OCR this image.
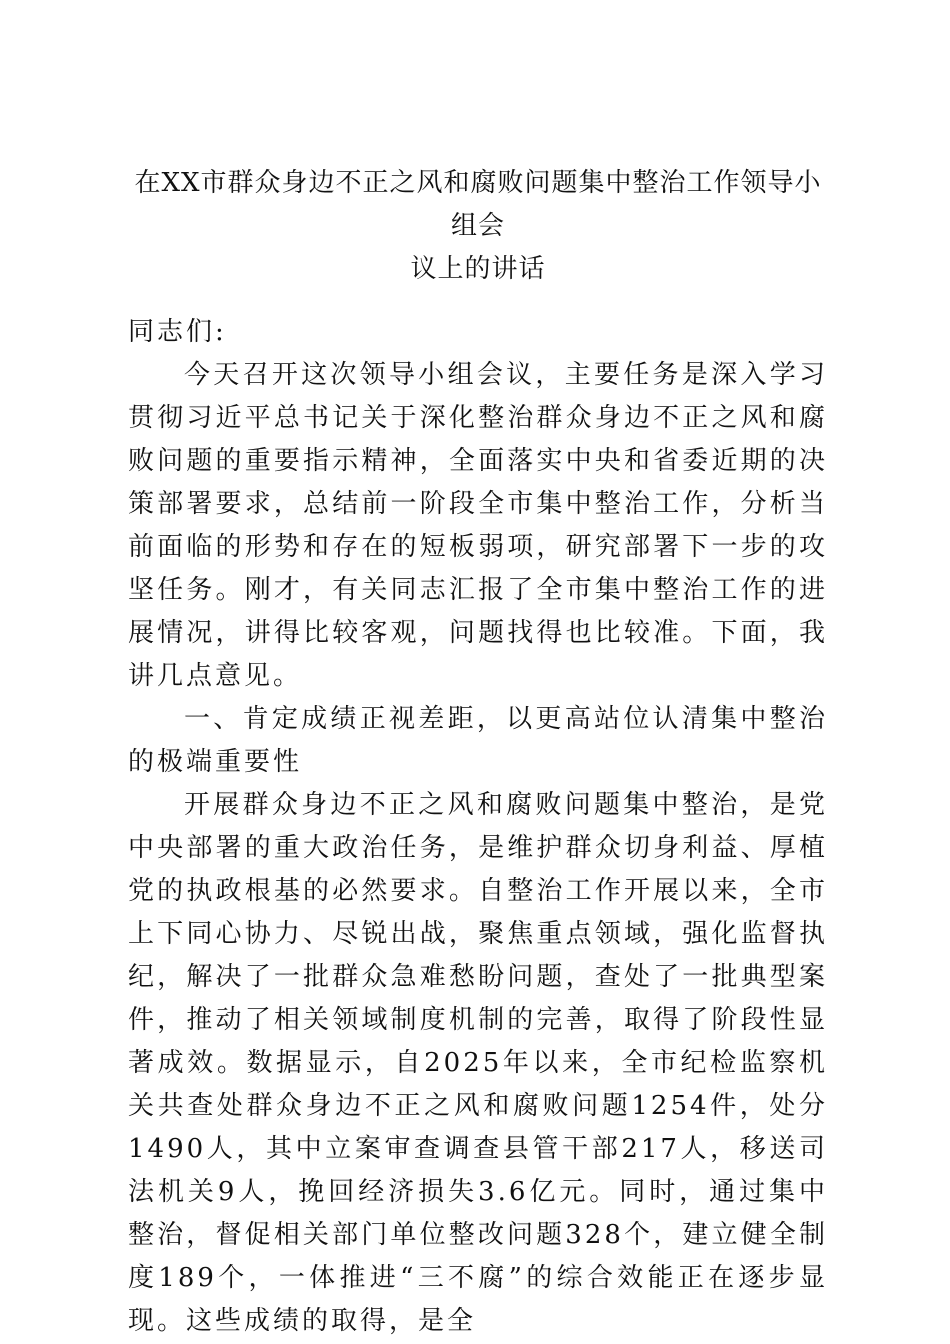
在XX市群众身边不正之风和腐败问题集中整治工作领导小组会
议上的讲话

同志们:

今天召开这次领导小组会议，主要任务是深入学习贯彻习近平总书记关于深化整治群众身边不正之风和腐败问题的重要指示精神，全面落实中央和省委近期的决策部署要求，总结前一阶段全市集中整治工作，分析当前面临的形势和存在的短板弱项，研究部署下一步的攻坚任务。刚才，有关同志汇报了全市集中整治工作的进展情况，讲得比较客观，问题找得也比较准。下面，我讲几点意见。

一、肯定成绩正视差距，以更高站位认清集中整治的极端重要性

开展群众身边不正之风和腐败问题集中整治，是党中央部署的重大政治任务，是维护群众切身利益、厚植党的执政根基的必然要求。自整治工作开展以来，全市上下同心协力、尽锐出战，聚焦重点领域，强化监督执纪，解决了一批群众急难愁盼问题，查处了一批典型案件，推动了相关领域制度机制的完善，取得了阶段性显著成效。数据显示，自2025年以来，全市纪检监察机关共查处群众身边不正之风和腐败问题1254件，处分1490人，其中立案审查调查县管干部217人，移送司法机关9人，挽回经济损失3.6亿元。同时，通过集中整治，督促相关部门单位整改问题328个，建立健全制度189个，一体推进“三不腐”的综合效能正在逐步显现。这些成绩的取得，是全
